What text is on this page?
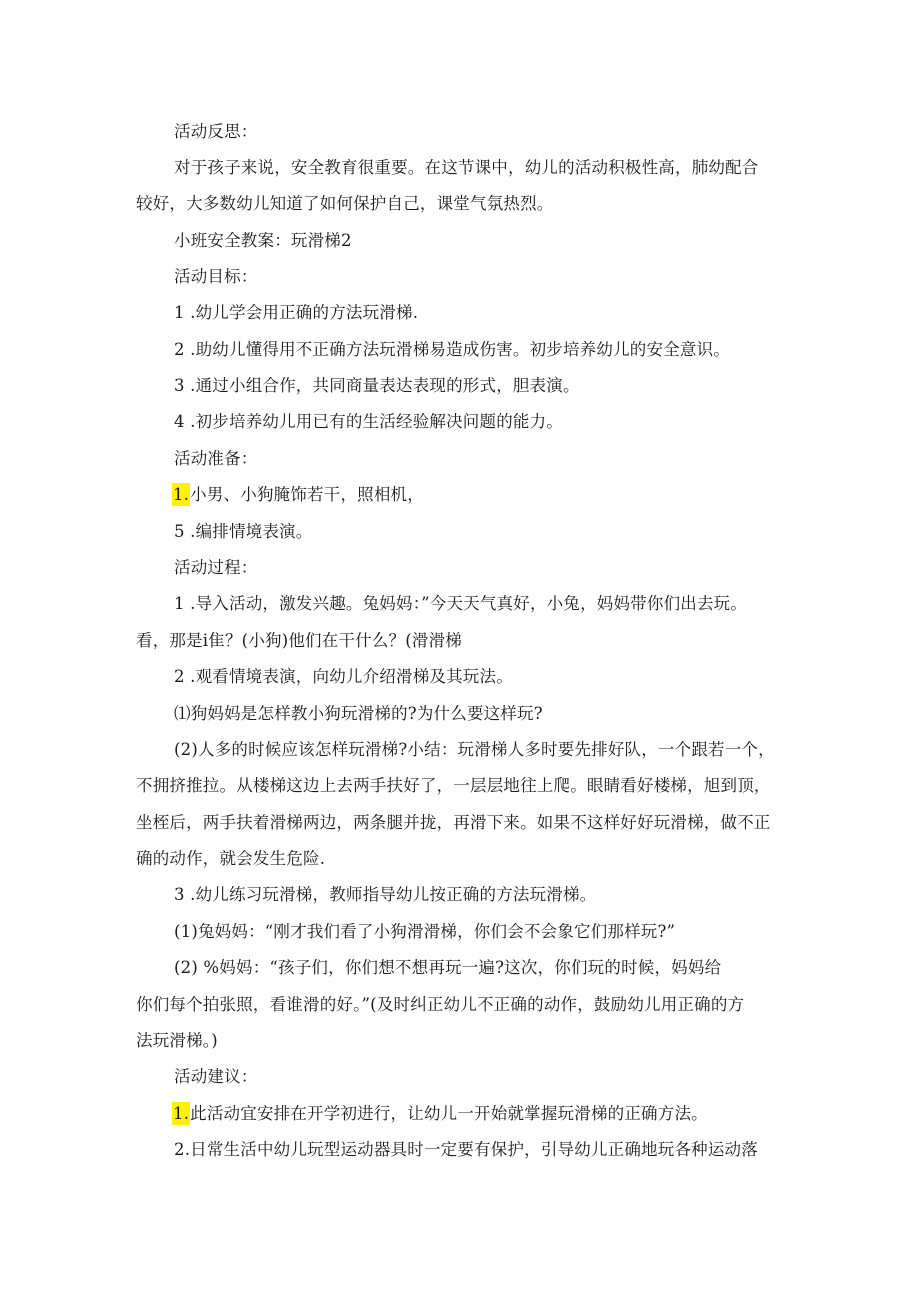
活动反思：
对于孩子来说，安全教育很重要。在这节课中，幼儿的活动积极性高，肺幼配合
较好，大多数幼儿知道了如何保护自己，课堂气氛热烈。
小班安全教案：玩滑梯2
活动目标：
1 .幼儿学会用正确的方法玩滑梯.
2 .助幼儿懂得用不正确方法玩滑梯易造成伤害。初步培养幼儿的安全意识。
3 .通过小组合作，共同商量表达表现的形式，胆表演。
4 .初步培养幼儿用已有的生活经验解决问题的能力。
活动准备：
1.小男、小狗腌饰若干，照相机，
5 .编排情境表演。
活动过程：
1 .导入活动，激发兴趣。兔妈妈：”今天天气真好，小兔，妈妈带你们出去玩。
看，那是i隹？(小狗)他们在干什么？(滑滑梯
2 .观看情境表演，向幼儿介绍滑梯及其玩法。
⑴狗妈妈是怎样教小狗玩滑梯的?为什么要这样玩?
(2)人多的时候应该怎样玩滑梯?小结：玩滑梯人多时要先排好队，一个跟若一个，
不拥挤推拉。从楼梯这边上去两手扶好了，一层层地往上爬。眼睛看好楼梯，旭到顶，
坐桎后，两手扶着滑梯两边，两条腿并拢，再滑下来。如果不这样好好玩滑梯，做不正
确的动作，就会发生危险.
3 .幼儿练习玩滑梯，教师指导幼儿按正确的方法玩滑梯。
(1)兔妈妈：“刚才我们看了小狗滑滑梯，你们会不会象它们那样玩?”
(2) %妈妈：“孩子们，你们想不想再玩一遍?这次，你们玩的时候，妈妈给
你们每个拍张照，看谁滑的好。”(及时纠正幼儿不正确的动作，鼓励幼儿用正确的方
法玩滑梯。)
活动建议：
1.此活动宜安排在开学初进行，让幼儿一开始就掌握玩滑梯的正确方法。
2.日常生活中幼儿玩型运动器具时一定要有保护，引导幼儿正确地玩各种运动落
